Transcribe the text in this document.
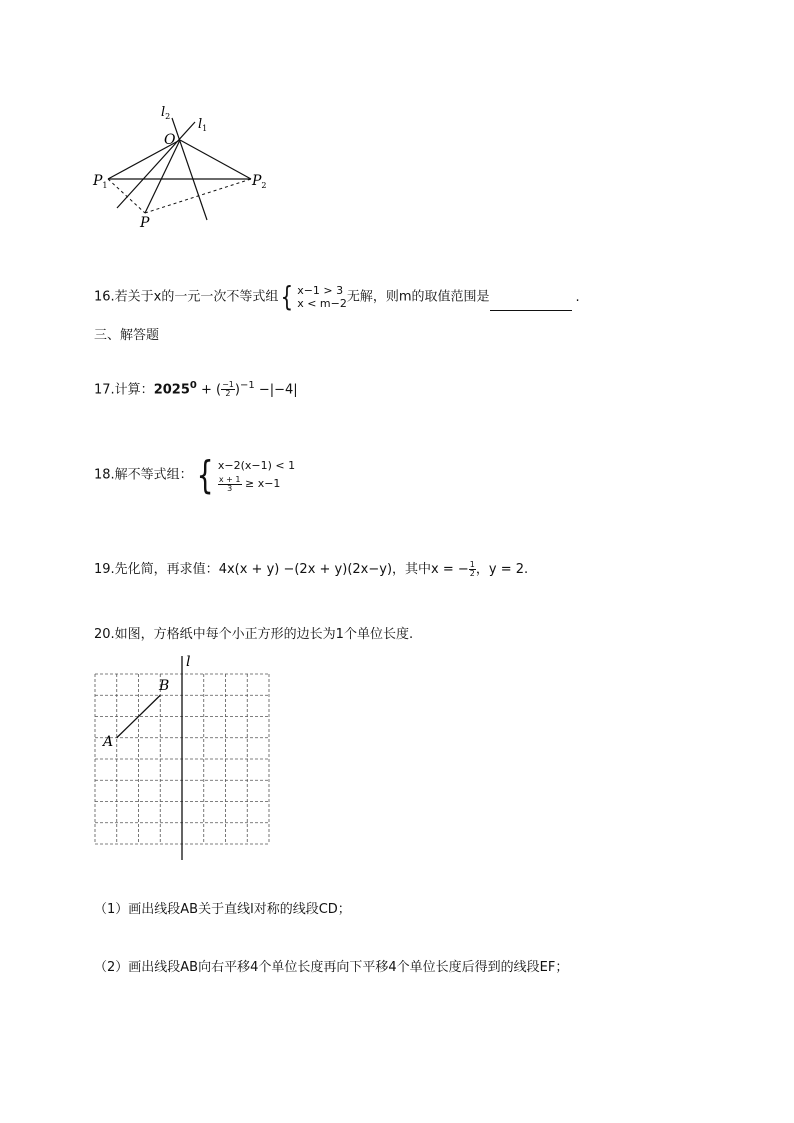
$l_2$
$l_1$
O
$P_1$	$P_2$
P
16.若关于x的一元一次不等式组 { x−1 > 3
x < m−2 无解，则m的取值范围是	.
三、解答题
17.计算：$2025^0$ + ( $\frac{-1}{2} )^{-1} -|-4|$
18.解不等式组： { x−2(x−1) < 1
$\frac{x + 1}{3} \ge x-1$
19.先化简，再求值：4x(x + y) −(2x + y)(2x−y)，其中x = − $\frac{1}{2}$ ，y = 2.
20.如图，方格纸中每个小正方形的边长为1个单位长度.
l
B
A
（1）画出线段AB关于直线l对称的线段CD；
（2）画出线段AB向右平移4个单位长度再向下平移4个单位长度后得到的线段EF；
